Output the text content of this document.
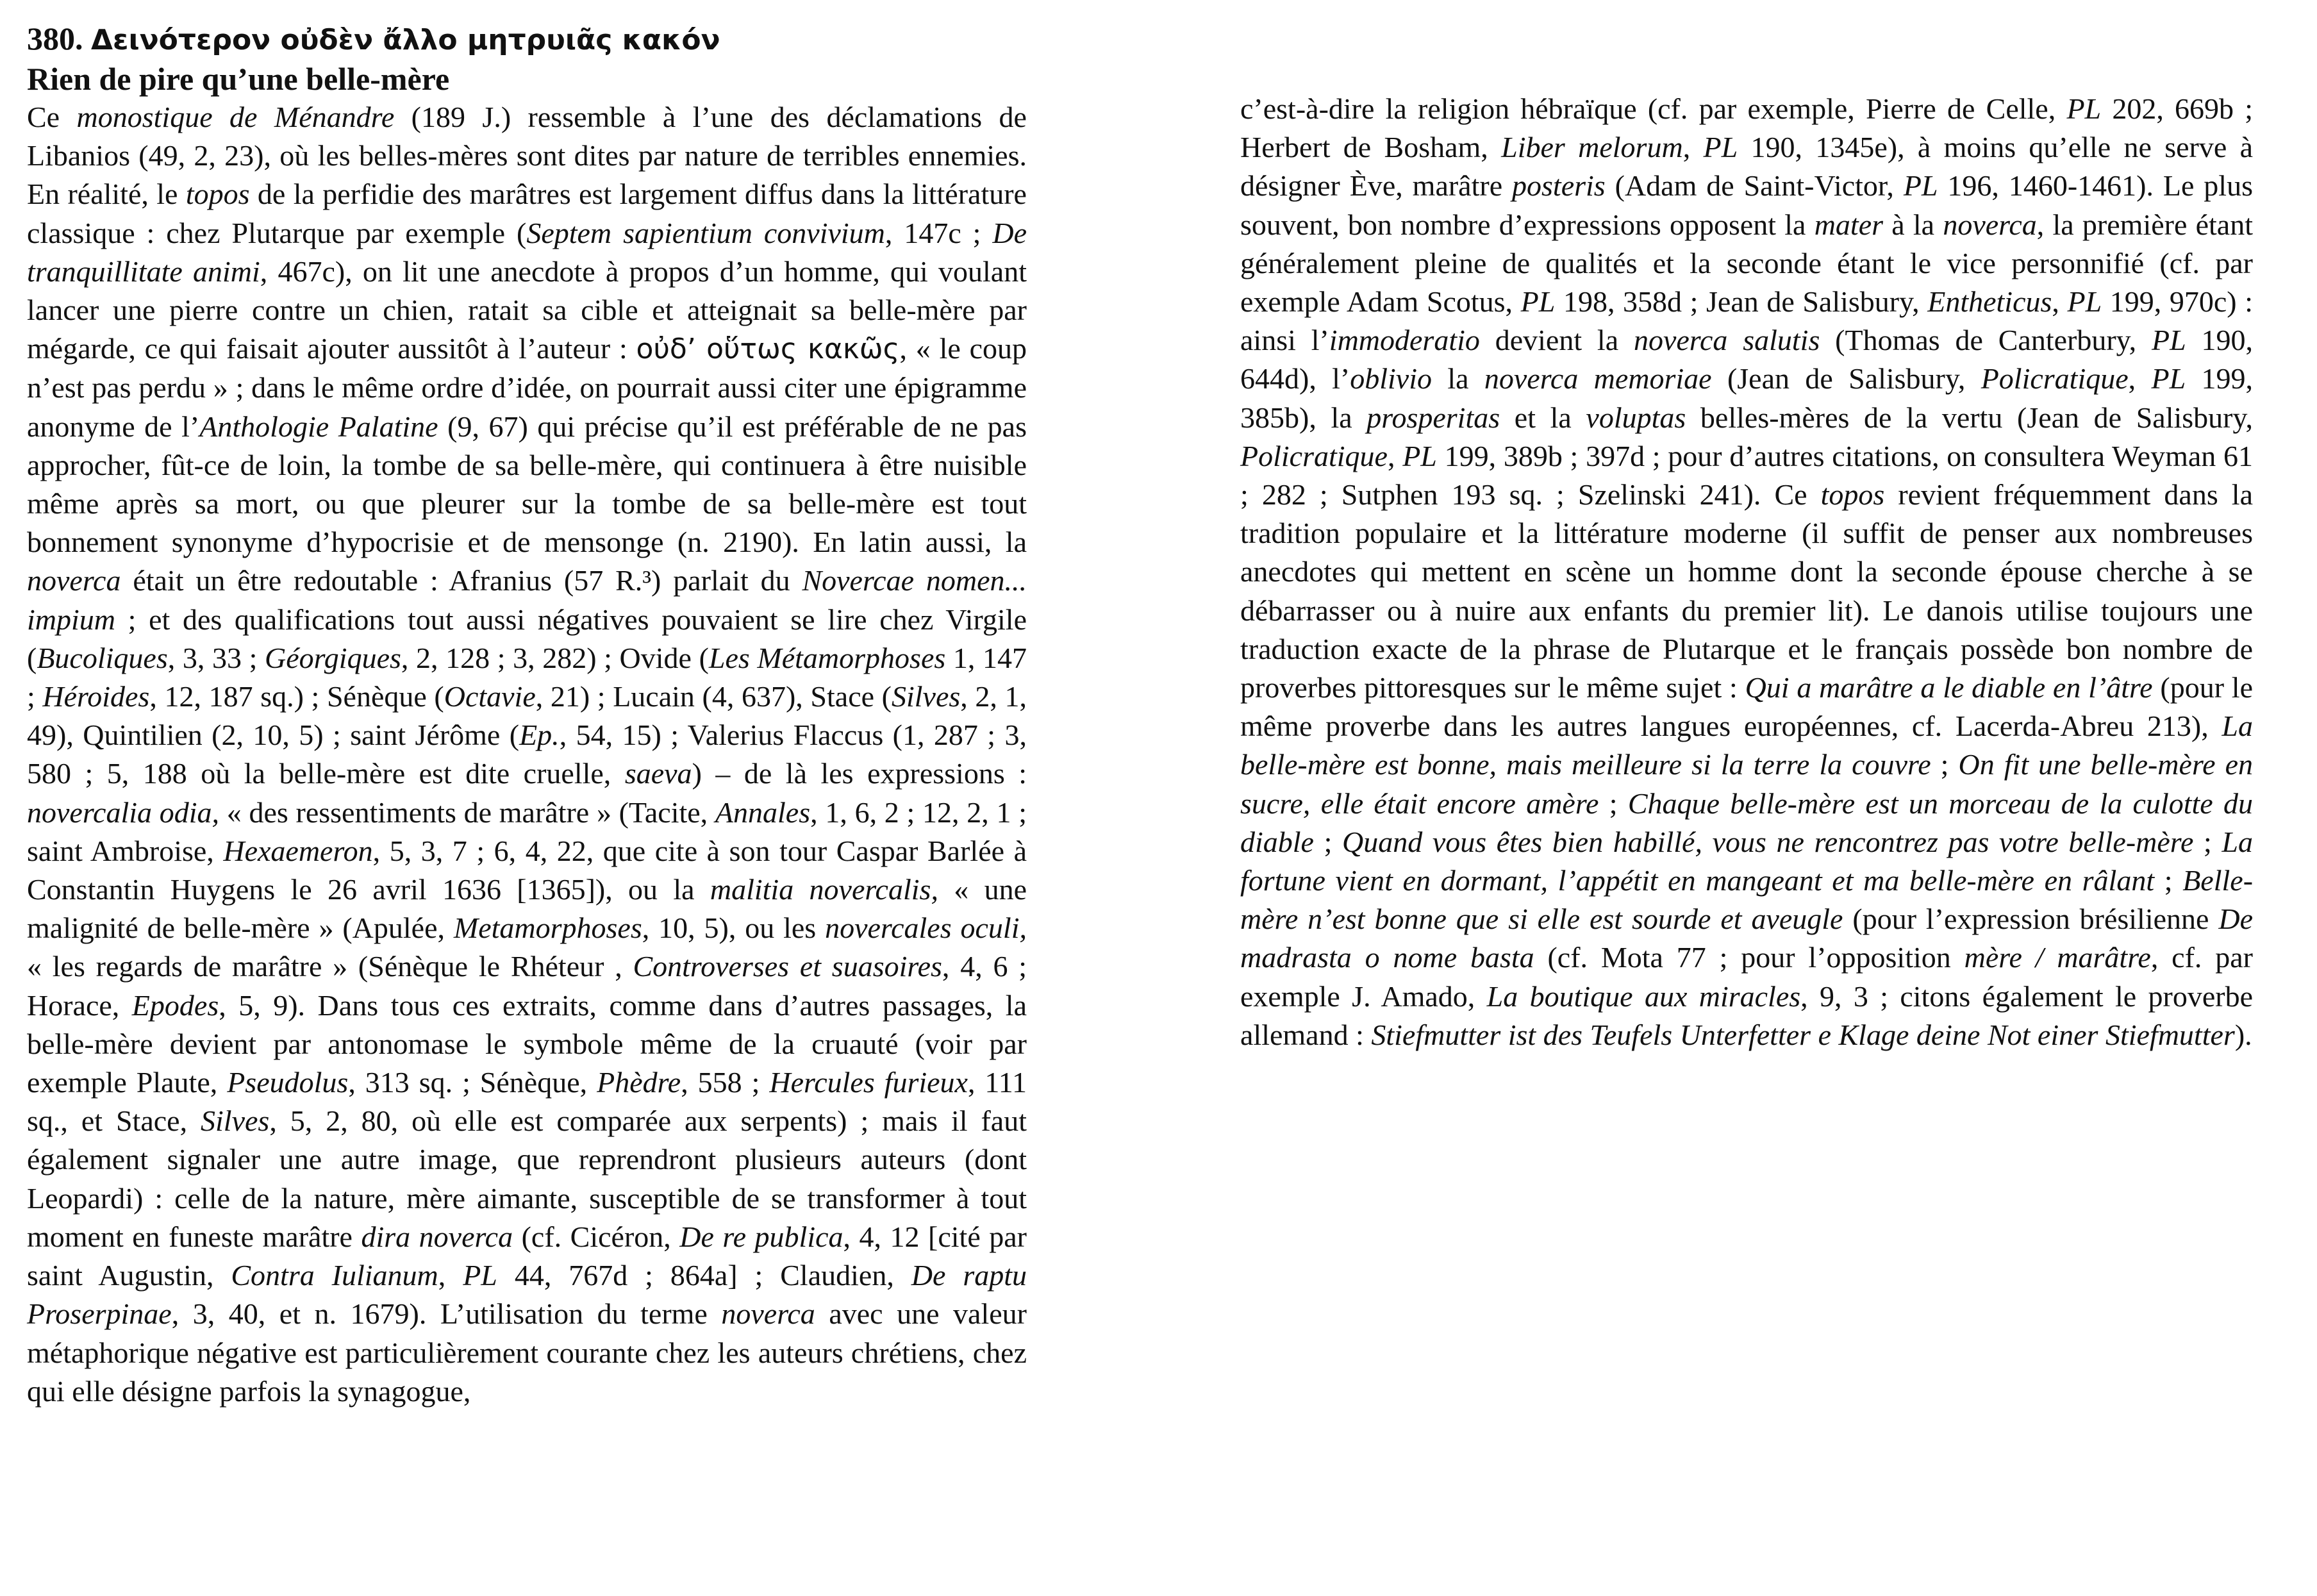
380. Δεινότερον οὐδὲν ἄλλο μητρυιᾶς κακόν
Rien de pire qu’une belle-mère

Ce monostique de Ménandre (189 J.) ressemble à l’une des déclamations de Libanios (49, 2, 23), où les belles-mères sont dites par nature de terribles ennemies. En réalité, le topos de la perfidie des marâtres est largement diffus dans la littérature classique : chez Plutarque par exemple (Septem sapientium convivium, 147c ; De tranquillitate animi, 467c), on lit une anecdote à propos d’un homme, qui voulant lancer une pierre contre un chien, ratait sa cible et atteignait sa belle-mère par mégarde, ce qui faisait ajouter aussitôt à l’auteur : οὐδ’ οὕτως κακῶς, « le coup n’est pas perdu » ; dans le même ordre d’idée, on pourrait aussi citer une épigramme anonyme de l’Anthologie Palatine (9, 67) qui précise qu’il est préférable de ne pas approcher, fût-ce de loin, la tombe de sa belle-mère, qui continuera à être nuisible même après sa mort, ou que pleurer sur la tombe de sa belle-mère est tout bonnement synonyme d’hypocrisie et de mensonge (n. 2190). En latin aussi, la noverca était un être redoutable : Afranius (57 R.³) parlait du Novercae nomen... impium ; et des qualifications tout aussi négatives pouvaient se lire chez Virgile (Bucoliques, 3, 33 ; Géorgiques, 2, 128 ; 3, 282) ; Ovide (Les Métamorphoses 1, 147 ; Héroides, 12, 187 sq.) ; Sénèque (Octavie, 21) ; Lucain (4, 637), Stace (Silves, 2, 1, 49), Quintilien (2, 10, 5) ; saint Jérôme (Ep., 54, 15) ; Valerius Flaccus (1, 287 ; 3, 580 ; 5, 188 où la belle-mère est dite cruelle, saeva) – de là les expressions : novercalia odia, « des ressentiments de marâtre » (Tacite, Annales, 1, 6, 2 ; 12, 2, 1 ; saint Ambroise, Hexaemeron, 5, 3, 7 ; 6, 4, 22, que cite à son tour Caspar Barlée à Constantin Huygens le 26 avril 1636 [1365]), ou la malitia novercalis, « une malignité de belle-mère » (Apulée, Metamorphoses, 10, 5), ou les novercales oculi, « les regards de marâtre » (Sénèque le Rhéteur , Controverses et suasoires, 4, 6 ; Horace, Epodes, 5, 9). Dans tous ces extraits, comme dans d’autres passages, la belle-mère devient par antonomase le symbole même de la cruauté (voir par exemple Plaute, Pseudolus, 313 sq. ; Sénèque, Phèdre, 558 ; Hercules furieux, 111 sq., et Stace, Silves, 5, 2, 80, où elle est comparée aux serpents) ; mais il faut également signaler une autre image, que reprendront plusieurs auteurs (dont Leopardi) : celle de la nature, mère aimante, susceptible de se transformer à tout moment en funeste marâtre dira noverca (cf. Cicéron, De re publica, 4, 12 [cité par saint Augustin, Contra Iulianum, PL 44, 767d ; 864a] ; Claudien, De raptu Proserpinae, 3, 40, et n. 1679). L’utilisation du terme noverca avec une valeur métaphorique négative est particulièrement courante chez les auteurs chrétiens, chez qui elle désigne parfois la synagogue,

c’est-à-dire la religion hébraïque (cf. par exemple, Pierre de Celle, PL 202, 669b ; Herbert de Bosham, Liber melorum, PL 190, 1345e), à moins qu’elle ne serve à désigner Ève, marâtre posteris (Adam de Saint-Victor, PL 196, 1460-1461). Le plus souvent, bon nombre d’expressions opposent la mater à la noverca, la première étant généralement pleine de qualités et la seconde étant le vice personnifié (cf. par exemple Adam Scotus, PL 198, 358d ; Jean de Salisbury, Entheticus, PL 199, 970c) : ainsi l’immoderatio devient la noverca salutis (Thomas de Canterbury, PL 190, 644d), l’oblivio la noverca memoriae (Jean de Salisbury, Policratique, PL 199, 385b), la prosperitas et la voluptas belles-mères de la vertu (Jean de Salisbury, Policratique, PL 199, 389b ; 397d ; pour d’autres citations, on consultera Weyman 61 ; 282 ; Sutphen 193 sq. ; Szelinski 241). Ce topos revient fréquemment dans la tradition populaire et la littérature moderne (il suffit de penser aux nombreuses anecdotes qui mettent en scène un homme dont la seconde épouse cherche à se débarrasser ou à nuire aux enfants du premier lit). Le danois utilise toujours une traduction exacte de la phrase de Plutarque et le français possède bon nombre de proverbes pittoresques sur le même sujet : Qui a marâtre a le diable en l’âtre (pour le même proverbe dans les autres langues européennes, cf. Lacerda-Abreu 213), La belle-mère est bonne, mais meilleure si la terre la couvre ; On fit une belle-mère en sucre, elle était encore amère ; Chaque belle-mère est un morceau de la culotte du diable ; Quand vous êtes bien habillé, vous ne rencontrez pas votre belle-mère ; La fortune vient en dormant, l’appétit en mangeant et ma belle-mère en râlant ; Belle-mère n’est bonne que si elle est sourde et aveugle (pour l’expression brésilienne De madrasta o nome basta (cf. Mota 77 ; pour l’opposition mère / marâtre, cf. par exemple J. Amado, La boutique aux miracles, 9, 3 ; citons également le proverbe allemand : Stiefmutter ist des Teufels Unterfetter e Klage deine Not einer Stiefmutter).
